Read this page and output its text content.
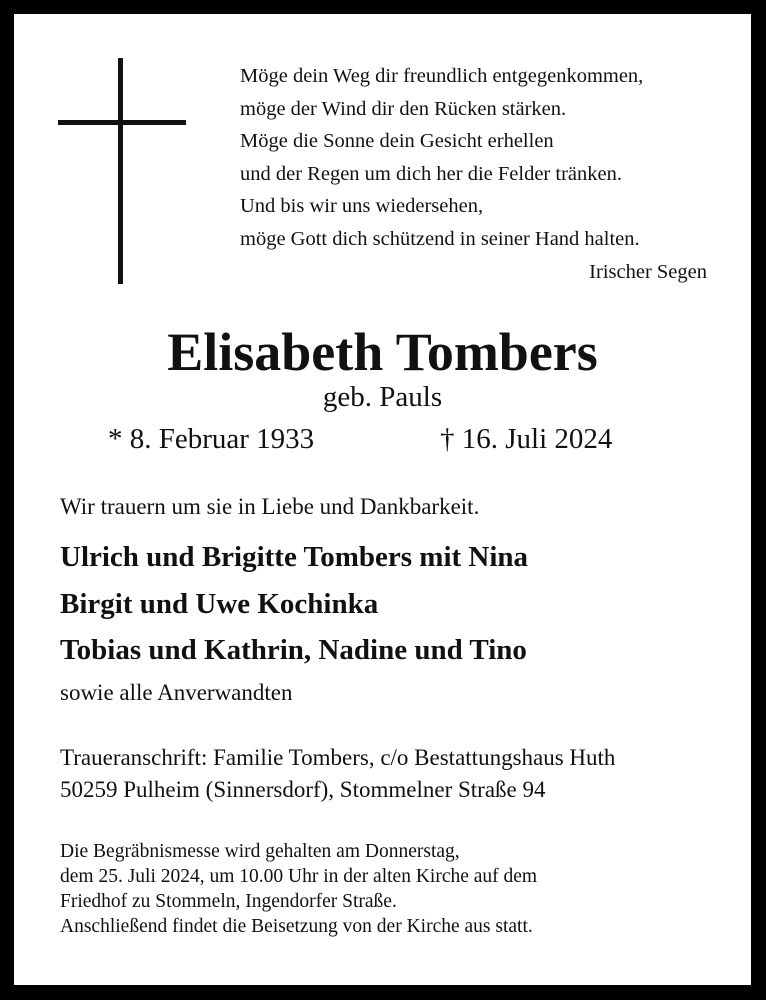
Möge dein Weg dir freundlich entgegenkommen,
möge der Wind dir den Rücken stärken.
Möge die Sonne dein Gesicht erhellen
und der Regen um dich her die Felder tränken.
Und bis wir uns wiedersehen,
möge Gott dich schützend in seiner Hand halten.
Irischer Segen
Elisabeth Tombers
geb. Pauls
* 8. Februar 1933	† 16. Juli 2024
Wir trauern um sie in Liebe und Dankbarkeit.
Ulrich und Brigitte Tombers mit Nina
Birgit und Uwe Kochinka
Tobias und Kathrin, Nadine und Tino
sowie alle Anverwandten
Traueranschrift: Familie Tombers, c/o Bestattungshaus Huth
50259 Pulheim (Sinnersdorf), Stommelner Straße 94
Die Begräbnismesse wird gehalten am Donnerstag,
dem 25. Juli 2024, um 10.00 Uhr in der alten Kirche auf dem
Friedhof zu Stommeln, Ingendorfer Straße.
Anschließend findet die Beisetzung von der Kirche aus statt.
